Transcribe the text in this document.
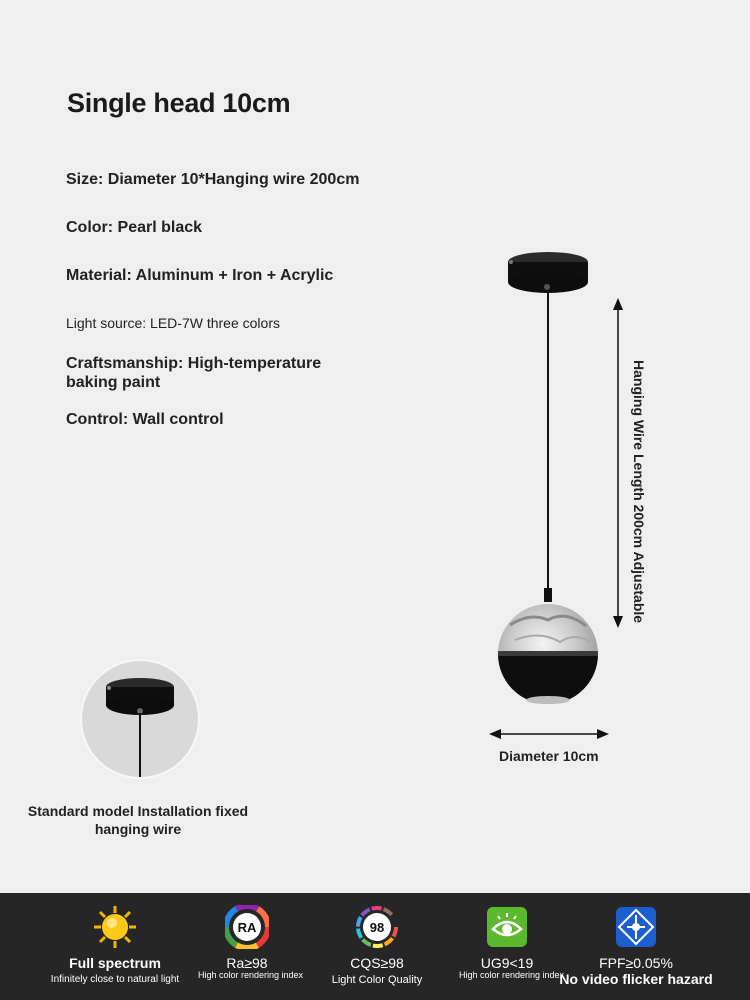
Single head 10cm
Size: Diameter 10*Hanging wire 200cm
Color: Pearl black
Material: Aluminum + Iron + Acrylic
Light source: LED-7W three colors
Craftsmanship: High-temperature baking paint
Control: Wall control	Hanging Wire Length 200cm Adjustable
Diameter 10cm
Standard model Installation fixed hanging wire
Full spectrum
Infinitely close to natural light
RA
Ra≥98
High color rendering index
98
CQS≥98
Light Color Quality
UG9<19
High color rendering index
FPF≥0.05%
No video flicker hazard
